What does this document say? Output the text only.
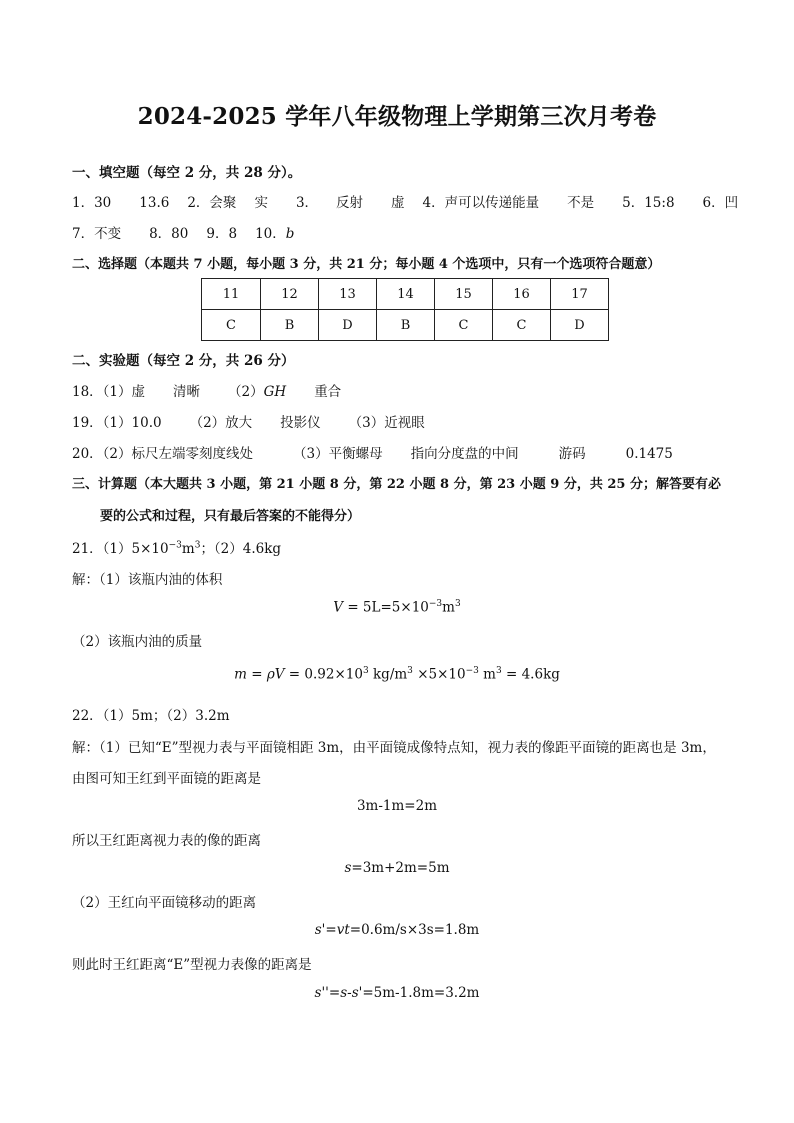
2024-2025 学年八年级物理上学期第三次月考卷
一、填空题（每空 2 分，共 28 分）。
1．30 13.6 2．会聚 实 3． 反射 虚 4．声可以传递能量 不是 5．15:8 6．凹
7．不变 8．80 9．8 10．b
二、选择题（本题共 7 小题，每小题 3 分，共 21 分；每小题 4 个选项中，只有一个选项符合题意）
11	12	13	14	15	16	17
C	B	D	B	C	C	D
二、实验题（每空 2 分，共 26 分）
18．（1）虚 清晰 （2）GH 重合
19．（1）10.0 （2）放大 投影仪 （3）近视眼
20．（2）标尺左端零刻度线处	（3）平衡螺母 指向分度盘的中间	游码	0.1475
三、计算题（本大题共 3 小题，第 21 小题 8 分，第 22 小题 8 分，第 23 小题 9 分，共 25 分；解答要有必
要的公式和过程，只有最后答案的不能得分）
21．$(1)5\times 10^{-3}m^3$；（2）4.6kg
解：（1）该瓶内油的体积
$V = 5L=5\times 10^{-3}m^3$
（2）该瓶内油的质量
$m = \rho V = 0.92\times 10^3$ $kg/m^3 \times 5\times 10^{-3}$ $m^3 = 4.6kg$
22．（1）5m；（2）3.2m
解：（1）已知“E”型视力表与平面镜相距 3m，由平面镜成像特点知，视力表的像距平面镜的距离也是 3m，
由图可知王红到平面镜的距离是
3m-1m=2m
所以王红距离视力表的像的距离
s=3m+2m=5m
（2）王红向平面镜移动的距离
s'=vt=0.6m/s×3s=1.8m
则此时王红距离“E”型视力表像的距离是
s''=s-s'=5m-1.8m=3.2m
